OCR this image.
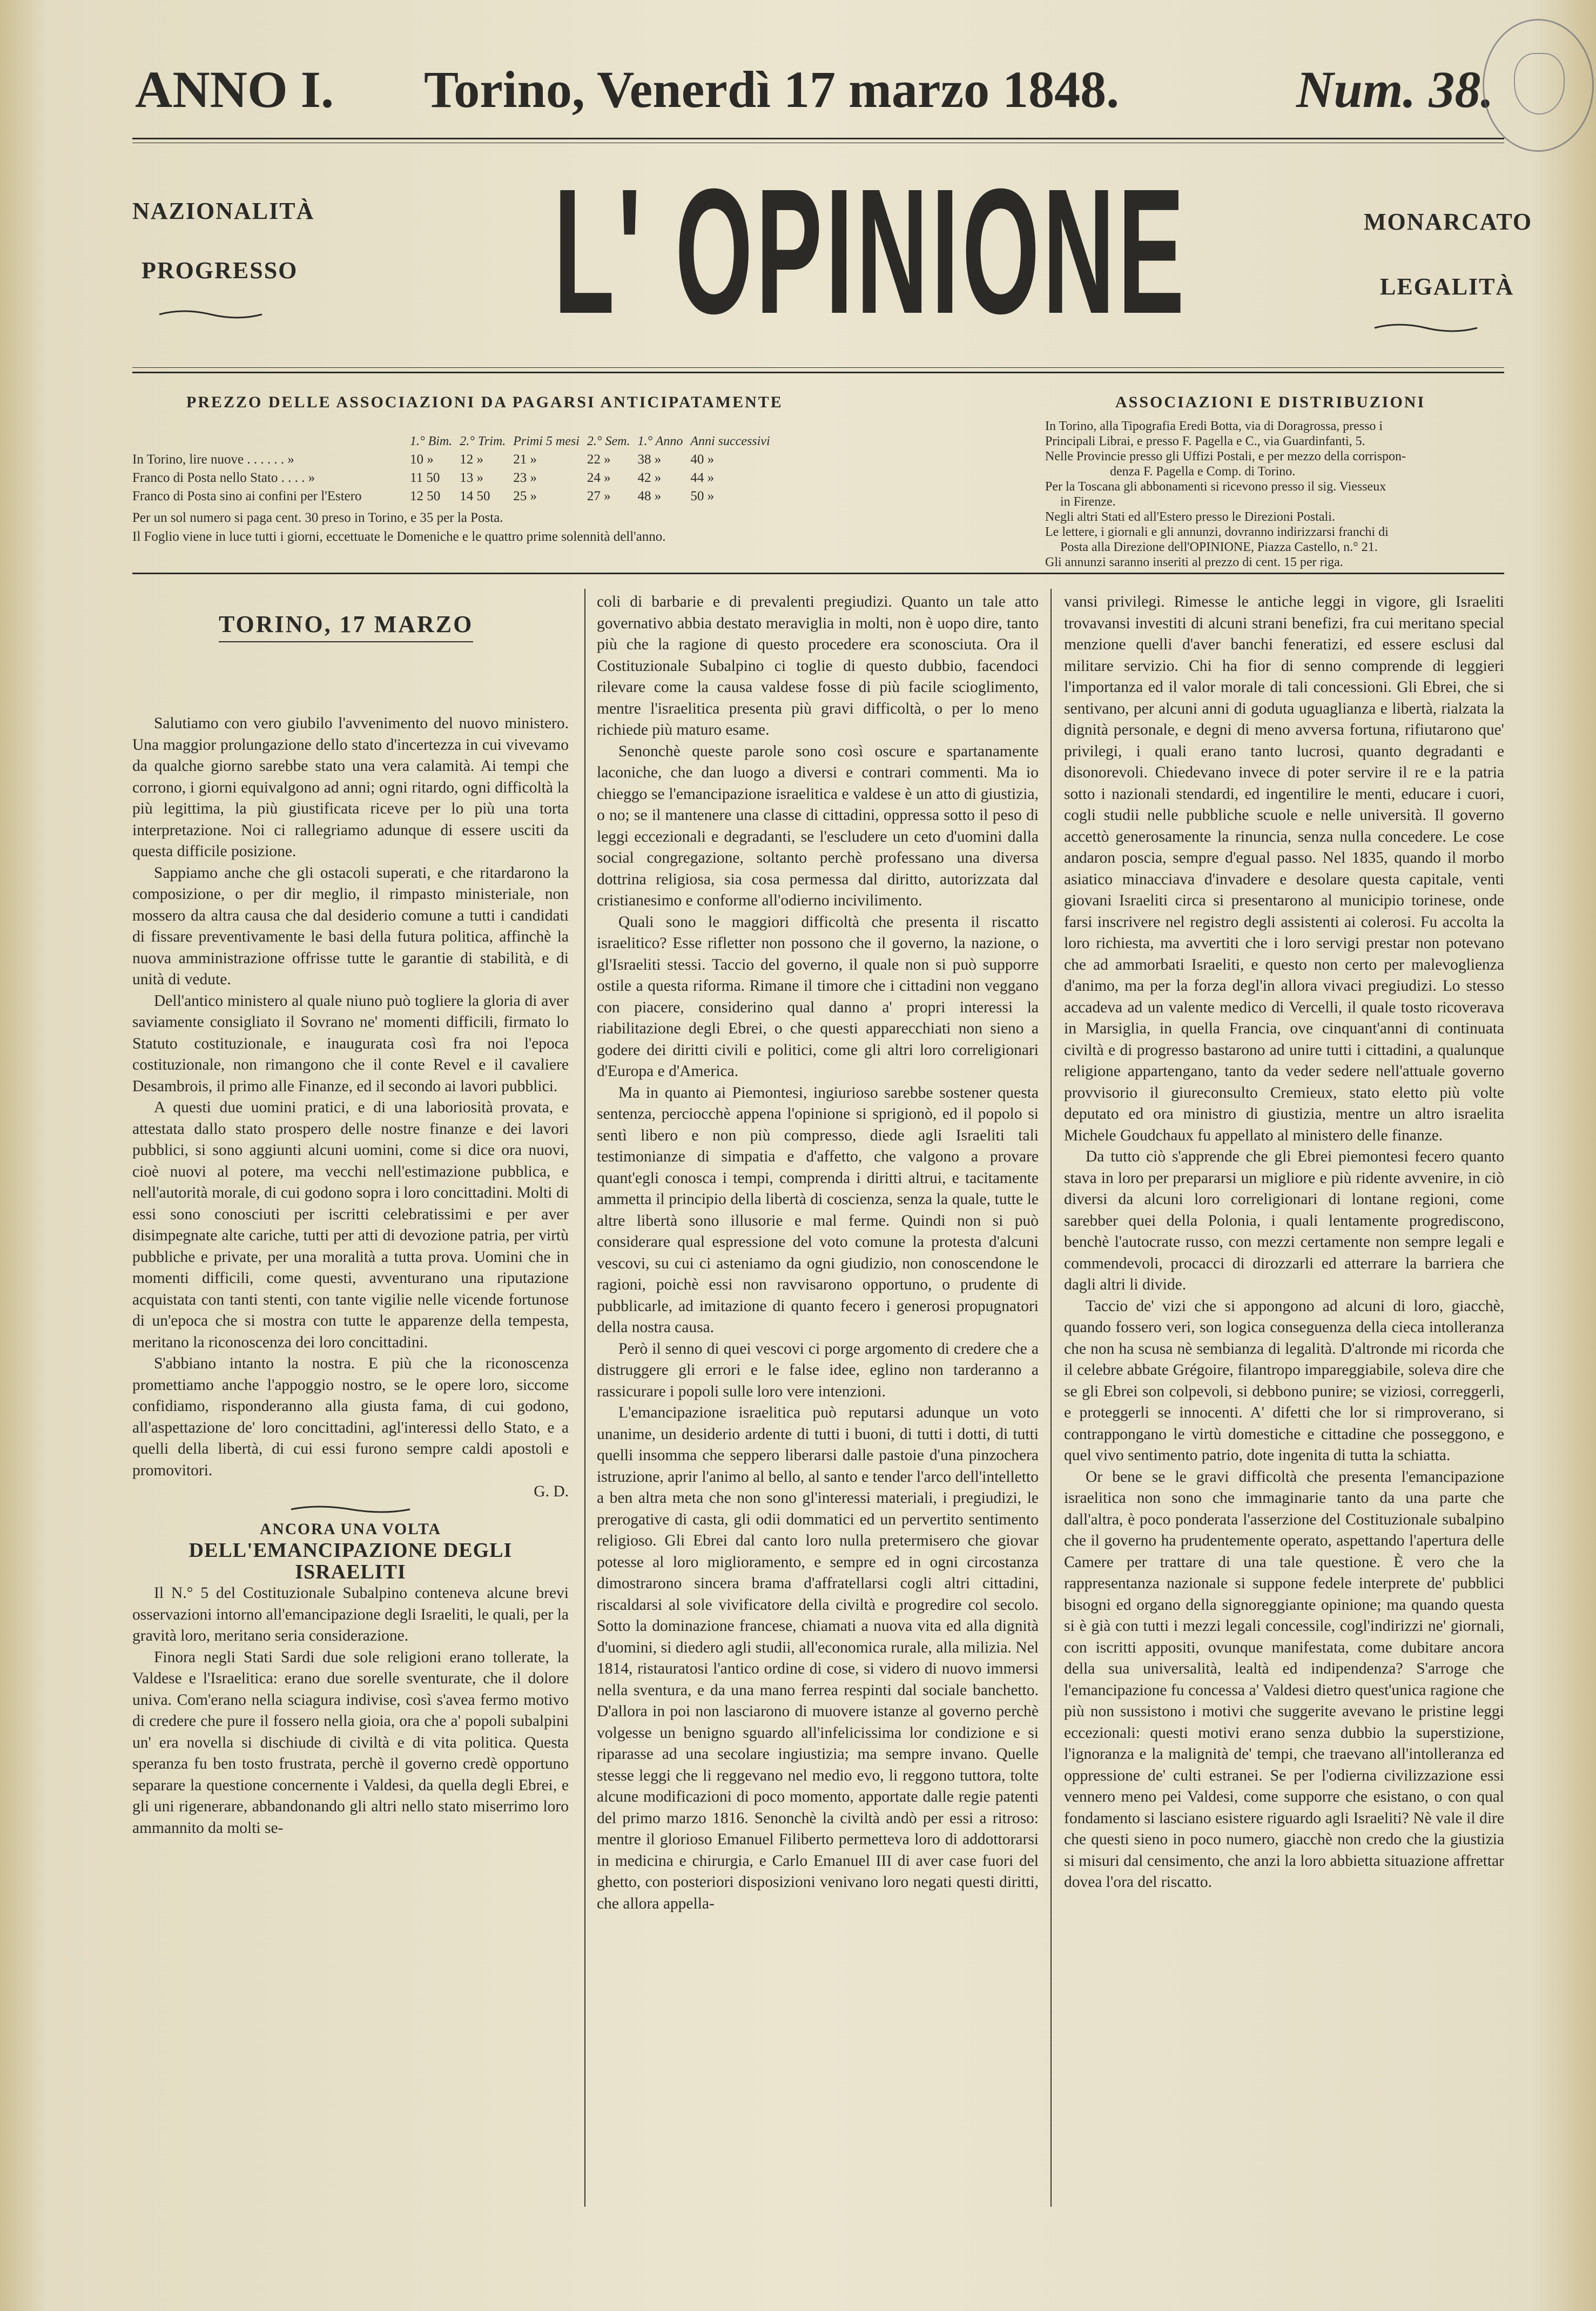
ANNO I. Torino, Venerdì 17 marzo 1848.	Num. 38.
NAZIONALITÀ
PROGRESSO L' OPINIONE	MONARCATO
LEGALITÀ
PREZZO DELLE ASSOCIAZIONI DA PAGARSI ANTICIPATAMENTE
	1.° Bim.	2.° Trim.	Primi 5 mesi	2.° Sem.	1.° Anno	Anni successivi
In Torino, lire nuove . . . . . . »	10 »	12 »	21 »	22 »	38 »	40 »
Franco di Posta nello Stato . . . . »	11 50	13 »	23 »	24 »	42 »	44 »
Franco di Posta sino ai confini per l'Estero	12 50	14 50	25 »	27 »	48 »	50 »
Per un sol numero si paga cent. 30 preso in Torino, e 35 per la Posta.
Il Foglio viene in luce tutti i giorni, eccettuate le Domeniche e le quattro prime solennità dell'anno.
ASSOCIAZIONI E DISTRIBUZIONI
In Torino, alla Tipografia Eredi Botta, via di Doragrossa, presso i
Principali Librai, e presso F. Pagella e C., via Guardinfanti, 5.
Nelle Provincie presso gli Uffizi Postali, e per mezzo della corrispon-
denza F. Pagella e Comp. di Torino.
Per la Toscana gli abbonamenti si ricevono presso il sig. Viesseux
in Firenze.
Negli altri Stati ed all'Estero presso le Direzioni Postali.
Le lettere, i giornali e gli annunzi, dovranno indirizzarsi franchi di
Posta alla Direzione dell'OPINIONE, Piazza Castello, n.° 21.
Gli annunzi saranno inseriti al prezzo di cent. 15 per riga.
TORINO, 17 MARZO

Salutiamo con vero giubilo l'avvenimento del nuovo ministero. Una maggior prolungazione dello stato d'incertezza in cui vivevamo da qualche giorno sarebbe stato una vera calamità. Ai tempi che corrono, i giorni equivalgono ad anni; ogni ritardo, ogni difficoltà la più legittima, la più giustificata riceve per lo più una torta interpretazione. Noi ci rallegriamo adunque di essere usciti da questa difficile posizione.

Sappiamo anche che gli ostacoli superati, e che ritardarono la composizione, o per dir meglio, il rimpasto ministeriale, non mossero da altra causa che dal desiderio comune a tutti i candidati di fissare preventivamente le basi della futura politica, affinchè la nuova amministrazione offrisse tutte le garantie di stabilità, e di unità di vedute.

Dell'antico ministero al quale niuno può togliere la gloria di aver saviamente consigliato il Sovrano ne' momenti difficili, firmato lo Statuto costituzionale, e inaugurata così fra noi l'epoca costituzionale, non rimangono che il conte Revel e il cavaliere Desambrois, il primo alle Finanze, ed il secondo ai lavori pubblici.

A questi due uomini pratici, e di una laboriosità provata, e attestata dallo stato prospero delle nostre finanze e dei lavori pubblici, si sono aggiunti alcuni uomini, come si dice ora nuovi, cioè nuovi al potere, ma vecchi nell'estimazione pubblica, e nell'autorità morale, di cui godono sopra i loro concittadini. Molti di essi sono conosciuti per iscritti celebratissimi e per aver disimpegnate alte cariche, tutti per atti di devozione patria, per virtù pubbliche e private, per una moralità a tutta prova. Uomini che in momenti difficili, come questi, avventurano una riputazione acquistata con tanti stenti, con tante vigilie nelle vicende fortunose di un'epoca che si mostra con tutte le apparenze della tempesta, meritano la riconoscenza dei loro concittadini.

S'abbiano intanto la nostra. E più che la riconoscenza promettiamo anche l'appoggio nostro, se le opere loro, siccome confidiamo, risponderanno alla giusta fama, di cui godono, all'aspettazione de' loro concittadini, agl'interessi dello Stato, e a quelli della libertà, di cui essi furono sempre caldi apostoli e promovitori.

G. D.

ANCORA UNA VOLTA

DELL'EMANCIPAZIONE DEGLI ISRAELITI

Il N.° 5 del Costituzionale Subalpino conteneva alcune brevi osservazioni intorno all'emancipazione degli Israeliti, le quali, per la gravità loro, meritano seria considerazione.

Finora negli Stati Sardi due sole religioni erano tollerate, la Valdese e l'Israelitica: erano due sorelle sventurate, che il dolore univa. Com'erano nella sciagura indivise, così s'avea fermo motivo di credere che pure il fossero nella gioia, ora che a' popoli subalpini un' era novella si dischiude di civiltà e di vita politica. Questa speranza fu ben tosto frustrata, perchè il governo credè opportuno separare la questione concernente i Valdesi, da quella degli Ebrei, e gli uni rigenerare, abbandonando gli altri nello stato miserrimo loro ammannito da molti se-

coli di barbarie e di prevalenti pregiudizi. Quanto un tale atto governativo abbia destato meraviglia in molti, non è uopo dire, tanto più che la ragione di questo procedere era sconosciuta. Ora il Costituzionale Subalpino ci toglie di questo dubbio, facendoci rilevare come la causa valdese fosse di più facile scioglimento, mentre l'israelitica presenta più gravi difficoltà, o per lo meno richiede più maturo esame.

Senonchè queste parole sono così oscure e spartanamente laconiche, che dan luogo a diversi e contrari commenti. Ma io chieggo se l'emancipazione israelitica e valdese è un atto di giustizia, o no; se il mantenere una classe di cittadini, oppressa sotto il peso di leggi eccezionali e degradanti, se l'escludere un ceto d'uomini dalla social congregazione, soltanto perchè professano una diversa dottrina religiosa, sia cosa permessa dal diritto, autorizzata dal cristianesimo e conforme all'odierno incivilimento.

Quali sono le maggiori difficoltà che presenta il riscatto israelitico? Esse rifletter non possono che il governo, la nazione, o gl'Israeliti stessi. Taccio del governo, il quale non si può supporre ostile a questa riforma. Rimane il timore che i cittadini non veggano con piacere, considerino qual danno a' propri interessi la riabilitazione degli Ebrei, o che questi apparecchiati non sieno a godere dei diritti civili e politici, come gli altri loro correligionari d'Europa e d'America.

Ma in quanto ai Piemontesi, ingiurioso sarebbe sostener questa sentenza, perciocchè appena l'opinione si sprigionò, ed il popolo si sentì libero e non più compresso, diede agli Israeliti tali testimonianze di simpatia e d'affetto, che valgono a provare quant'egli conosca i tempi, comprenda i diritti altrui, e tacitamente ammetta il principio della libertà di coscienza, senza la quale, tutte le altre libertà sono illusorie e mal ferme. Quindi non si può considerare qual espressione del voto comune la protesta d'alcuni vescovi, su cui ci asteniamo da ogni giudizio, non conoscendone le ragioni, poichè essi non ravvisarono opportuno, o prudente di pubblicarle, ad imitazione di quanto fecero i generosi propugnatori della nostra causa.

Però il senno di quei vescovi ci porge argomento di credere che a distruggere gli errori e le false idee, eglino non tarderanno a rassicurare i popoli sulle loro vere intenzioni.

L'emancipazione israelitica può reputarsi adunque un voto unanime, un desiderio ardente di tutti i buoni, di tutti i dotti, di tutti quelli insomma che seppero liberarsi dalle pastoie d'una pinzochera istruzione, aprir l'animo al bello, al santo e tender l'arco dell'intelletto a ben altra meta che non sono gl'interessi materiali, i pregiudizi, le prerogative di casta, gli odii dommatici ed un pervertito sentimento religioso. Gli Ebrei dal canto loro nulla pretermisero che giovar potesse al loro miglioramento, e sempre ed in ogni circostanza dimostrarono sincera brama d'affratellarsi cogli altri cittadini, riscaldarsi al sole vivificatore della civiltà e progredire col secolo. Sotto la dominazione francese, chiamati a nuova vita ed alla dignità d'uomini, si diedero agli studii, all'economica rurale, alla milizia. Nel 1814, ristauratosi l'antico ordine di cose, si videro di nuovo immersi nella sventura, e da una mano ferrea respinti dal sociale banchetto. D'allora in poi non lasciarono di muovere istanze al governo perchè volgesse un benigno sguardo all'infelicissima lor condizione e si riparasse ad una secolare ingiustizia; ma sempre invano. Quelle stesse leggi che li reggevano nel medio evo, li reggono tuttora, tolte alcune modificazioni di poco momento, apportate dalle regie patenti del primo marzo 1816. Senonchè la civiltà andò per essi a ritroso: mentre il glorioso Emanuel Filiberto permetteva loro di addottorarsi in medicina e chirurgia, e Carlo Emanuel III di aver case fuori del ghetto, con posteriori disposizioni venivano loro negati questi diritti, che allora appella-

vansi privilegi. Rimesse le antiche leggi in vigore, gli Israeliti trovavansi investiti di alcuni strani benefizi, fra cui meritano special menzione quelli d'aver banchi feneratizi, ed essere esclusi dal militare servizio. Chi ha fior di senno comprende di leggieri l'importanza ed il valor morale di tali concessioni. Gli Ebrei, che si sentivano, per alcuni anni di goduta uguaglianza e libertà, rialzata la dignità personale, e degni di meno avversa fortuna, rifiutarono que' privilegi, i quali erano tanto lucrosi, quanto degradanti e disonorevoli. Chiedevano invece di poter servire il re e la patria sotto i nazionali stendardi, ed ingentilire le menti, educare i cuori, cogli studii nelle pubbliche scuole e nelle università. Il governo accettò generosamente la rinuncia, senza nulla concedere. Le cose andaron poscia, sempre d'egual passo. Nel 1835, quando il morbo asiatico minacciava d'invadere e desolare questa capitale, venti giovani Israeliti circa si presentarono al municipio torinese, onde farsi inscrivere nel registro degli assistenti ai colerosi. Fu accolta la loro richiesta, ma avvertiti che i loro servigi prestar non potevano che ad ammorbati Israeliti, e questo non certo per malevoglienza d'animo, ma per la forza degl'in allora vivaci pregiudizi. Lo stesso accadeva ad un valente medico di Vercelli, il quale tosto ricoverava in Marsiglia, in quella Francia, ove cinquant'anni di continuata civiltà e di progresso bastarono ad unire tutti i cittadini, a qualunque religione appartengano, tanto da veder sedere nell'attuale governo provvisorio il giureconsulto Cremieux, stato eletto più volte deputato ed ora ministro di giustizia, mentre un altro israelita Michele Goudchaux fu appellato al ministero delle finanze.

Da tutto ciò s'apprende che gli Ebrei piemontesi fecero quanto stava in loro per prepararsi un migliore e più ridente avvenire, in ciò diversi da alcuni loro correligionari di lontane regioni, come sarebber quei della Polonia, i quali lentamente progrediscono, benchè l'autocrate russo, con mezzi certamente non sempre legali e commendevoli, procacci di dirozzarli ed atterrare la barriera che dagli altri li divide.

Taccio de' vizi che si appongono ad alcuni di loro, giacchè, quando fossero veri, son logica conseguenza della cieca intolleranza che non ha scusa nè sembianza di legalità. D'altronde mi ricorda che il celebre abbate Grégoire, filantropo impareggiabile, soleva dire che se gli Ebrei son colpevoli, si debbono punire; se viziosi, correggerli, e proteggerli se innocenti. A' difetti che lor si rimproverano, si contrappongano le virtù domestiche e cittadine che posseggono, e quel vivo sentimento patrio, dote ingenita di tutta la schiatta.

Or bene se le gravi difficoltà che presenta l'emancipazione israelitica non sono che immaginarie tanto da una parte che dall'altra, è poco ponderata l'asserzione del Costituzionale subalpino che il governo ha prudentemente operato, aspettando l'apertura delle Camere per trattare di una tale questione. È vero che la rappresentanza nazionale si suppone fedele interprete de' pubblici bisogni ed organo della signoreggiante opinione; ma quando questa si è già con tutti i mezzi legali concessile, cogl'indirizzi ne' giornali, con iscritti appositi, ovunque manifestata, come dubitare ancora della sua universalità, lealtà ed indipendenza? S'arroge che l'emancipazione fu concessa a' Valdesi dietro quest'unica ragione che più non sussistono i motivi che suggerite avevano le pristine leggi eccezionali: questi motivi erano senza dubbio la superstizione, l'ignoranza e la malignità de' tempi, che traevano all'intolleranza ed oppressione de' culti estranei. Se per l'odierna civilizzazione essi vennero meno pei Valdesi, come supporre che esistano, o con qual fondamento si lasciano esistere riguardo agli Israeliti? Nè vale il dire che questi sieno in poco numero, giacchè non credo che la giustizia si misuri dal censimento, che anzi la loro abbietta situazione affrettar dovea l'ora del riscatto.
